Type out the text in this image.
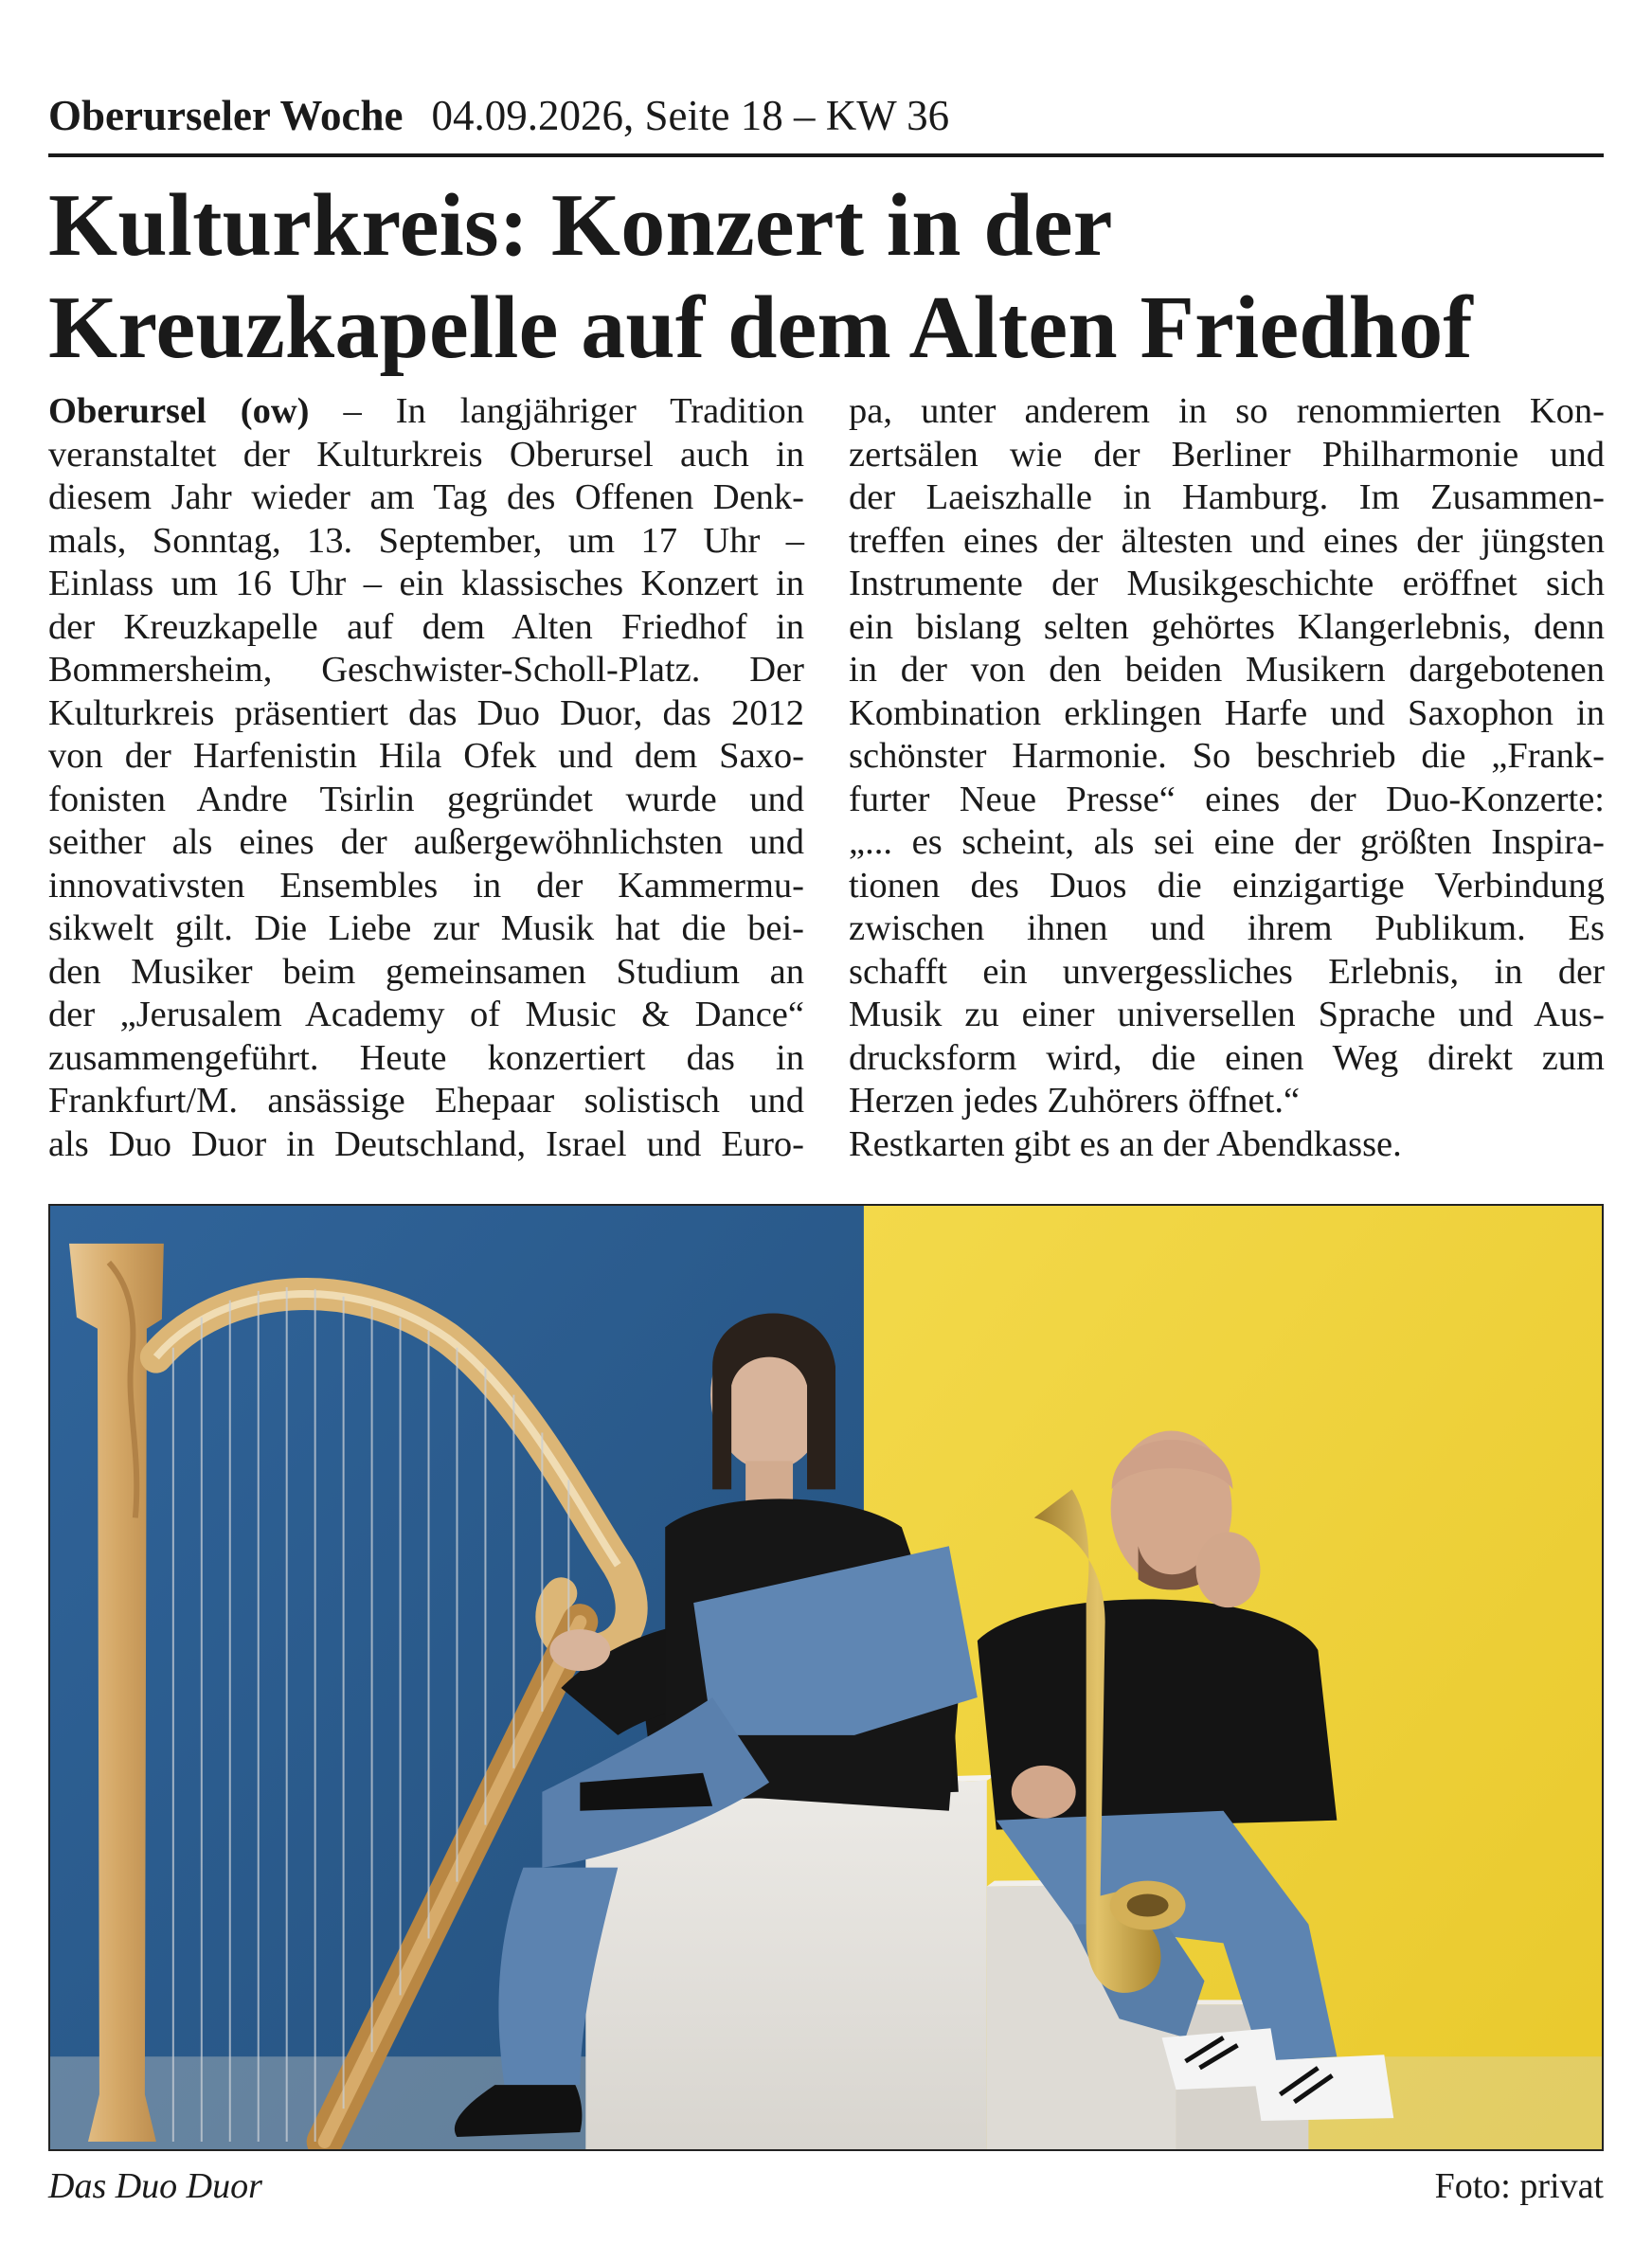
Oberurseler Woche 04.09.2026, Seite 18 – KW 36
Kulturkreis: Konzert in der
Kreuzkapelle auf dem Alten Friedhof
Oberursel (ow) – In langjähriger Tradition
veranstaltet der Kulturkreis Oberursel auch in
diesem Jahr wieder am Tag des Offenen Denk-
mals, Sonntag, 13. September, um 17 Uhr –
Einlass um 16 Uhr – ein klassisches Konzert in
der Kreuzkapelle auf dem Alten Friedhof in
Bommersheim, Geschwister-Scholl-Platz. Der
Kulturkreis präsentiert das Duo Duor, das 2012
von der Harfenistin Hila Ofek und dem Saxo-
fonisten Andre Tsirlin gegründet wurde und
seither als eines der außergewöhnlichsten und
innovativsten Ensembles in der Kammermu-
sikwelt gilt. Die Liebe zur Musik hat die bei-
den Musiker beim gemeinsamen Studium an
der „Jerusalem Academy of Music & Dance“
zusammengeführt. Heute konzertiert das in
Frankfurt/M. ansässige Ehepaar solistisch und
als Duo Duor in Deutschland, Israel und Euro-
pa, unter anderem in so renommierten Kon-
zertsälen wie der Berliner Philharmonie und
der Laeiszhalle in Hamburg. Im Zusammen-
treffen eines der ältesten und eines der jüngsten
Instrumente der Musikgeschichte eröffnet sich
ein bislang selten gehörtes Klangerlebnis, denn
in der von den beiden Musikern dargebotenen
Kombination erklingen Harfe und Saxophon in
schönster Harmonie. So beschrieb die „Frank-
furter Neue Presse“ eines der Duo-Konzerte:
„... es scheint, als sei eine der größten Inspira-
tionen des Duos die einzigartige Verbindung
zwischen ihnen und ihrem Publikum. Es
schafft ein unvergessliches Erlebnis, in der
Musik zu einer universellen Sprache und Aus-
drucksform wird, die einen Weg direkt zum
Herzen jedes Zuhörers öffnet.“
Restkarten gibt es an der Abendkasse.
Das Duo Duor	Foto: privat
